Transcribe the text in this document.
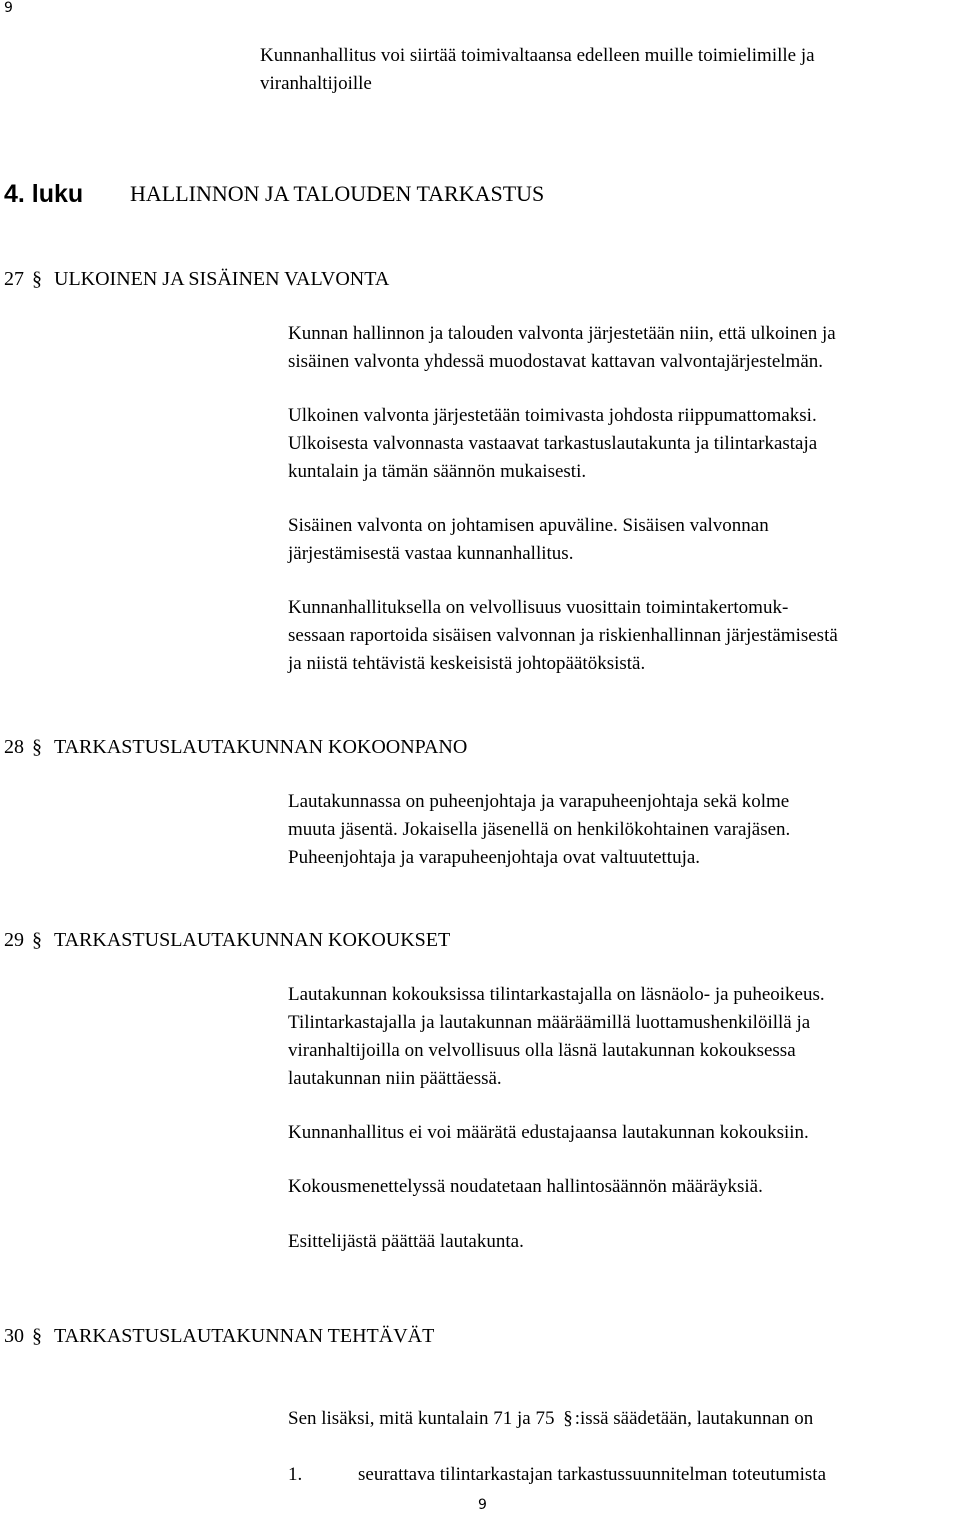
9
Kunnanhallitus voi siirtää toimivaltaansa edelleen muille toimielimille ja
viranhaltijoille
4. luku HALLINNON JA TALOUDEN TARKASTUS
27 § ULKOINEN JA SISÄINEN VALVONTA
Kunnan hallinnon ja talouden valvonta järjestetään niin, että ulkoinen ja
sisäinen valvonta yhdessä muodostavat kattavan valvontajärjestelmän.
Ulkoinen valvonta järjestetään toimivasta johdosta riippumattomaksi.
Ulkoisesta valvonnasta vastaavat tarkastuslautakunta ja tilintarkastaja
kuntalain ja tämän säännön mukaisesti.
Sisäinen valvonta on johtamisen apuväline. Sisäisen valvonnan
järjestämisestä vastaa kunnanhallitus.
Kunnanhallituksella on velvollisuus vuosittain toimintakertomuk-
sessaan raportoida sisäisen valvonnan ja riskienhallinnan järjestämisestä
ja niistä tehtävistä keskeisistä johtopäätöksistä.
28 § TARKASTUSLAUTAKUNNAN KOKOONPANO
Lautakunnassa on puheenjohtaja ja varapuheenjohtaja sekä kolme
muuta jäsentä. Jokaisella jäsenellä on henkilökohtainen varajäsen.
Puheenjohtaja ja varapuheenjohtaja ovat valtuutettuja.
29 § TARKASTUSLAUTAKUNNAN KOKOUKSET
Lautakunnan kokouksissa tilintarkastajalla on läsnäolo- ja puheoikeus.
Tilintarkastajalla ja lautakunnan määräämillä luottamushenkilöillä ja
viranhaltijoilla on velvollisuus olla läsnä lautakunnan kokouksessa
lautakunnan niin päättäessä.
Kunnanhallitus ei voi määrätä edustajaansa lautakunnan kokouksiin.
Kokousmenettelyssä noudatetaan hallintosäännön määräyksiä.
Esittelijästä päättää lautakunta.
30 § TARKASTUSLAUTAKUNNAN TEHTÄVÄT
Sen lisäksi, mitä kuntalain 71 ja 75 § :issä säädetään, lautakunnan on
1.	seurattava tilintarkastajan tarkastussuunnitelman toteutumista
9
